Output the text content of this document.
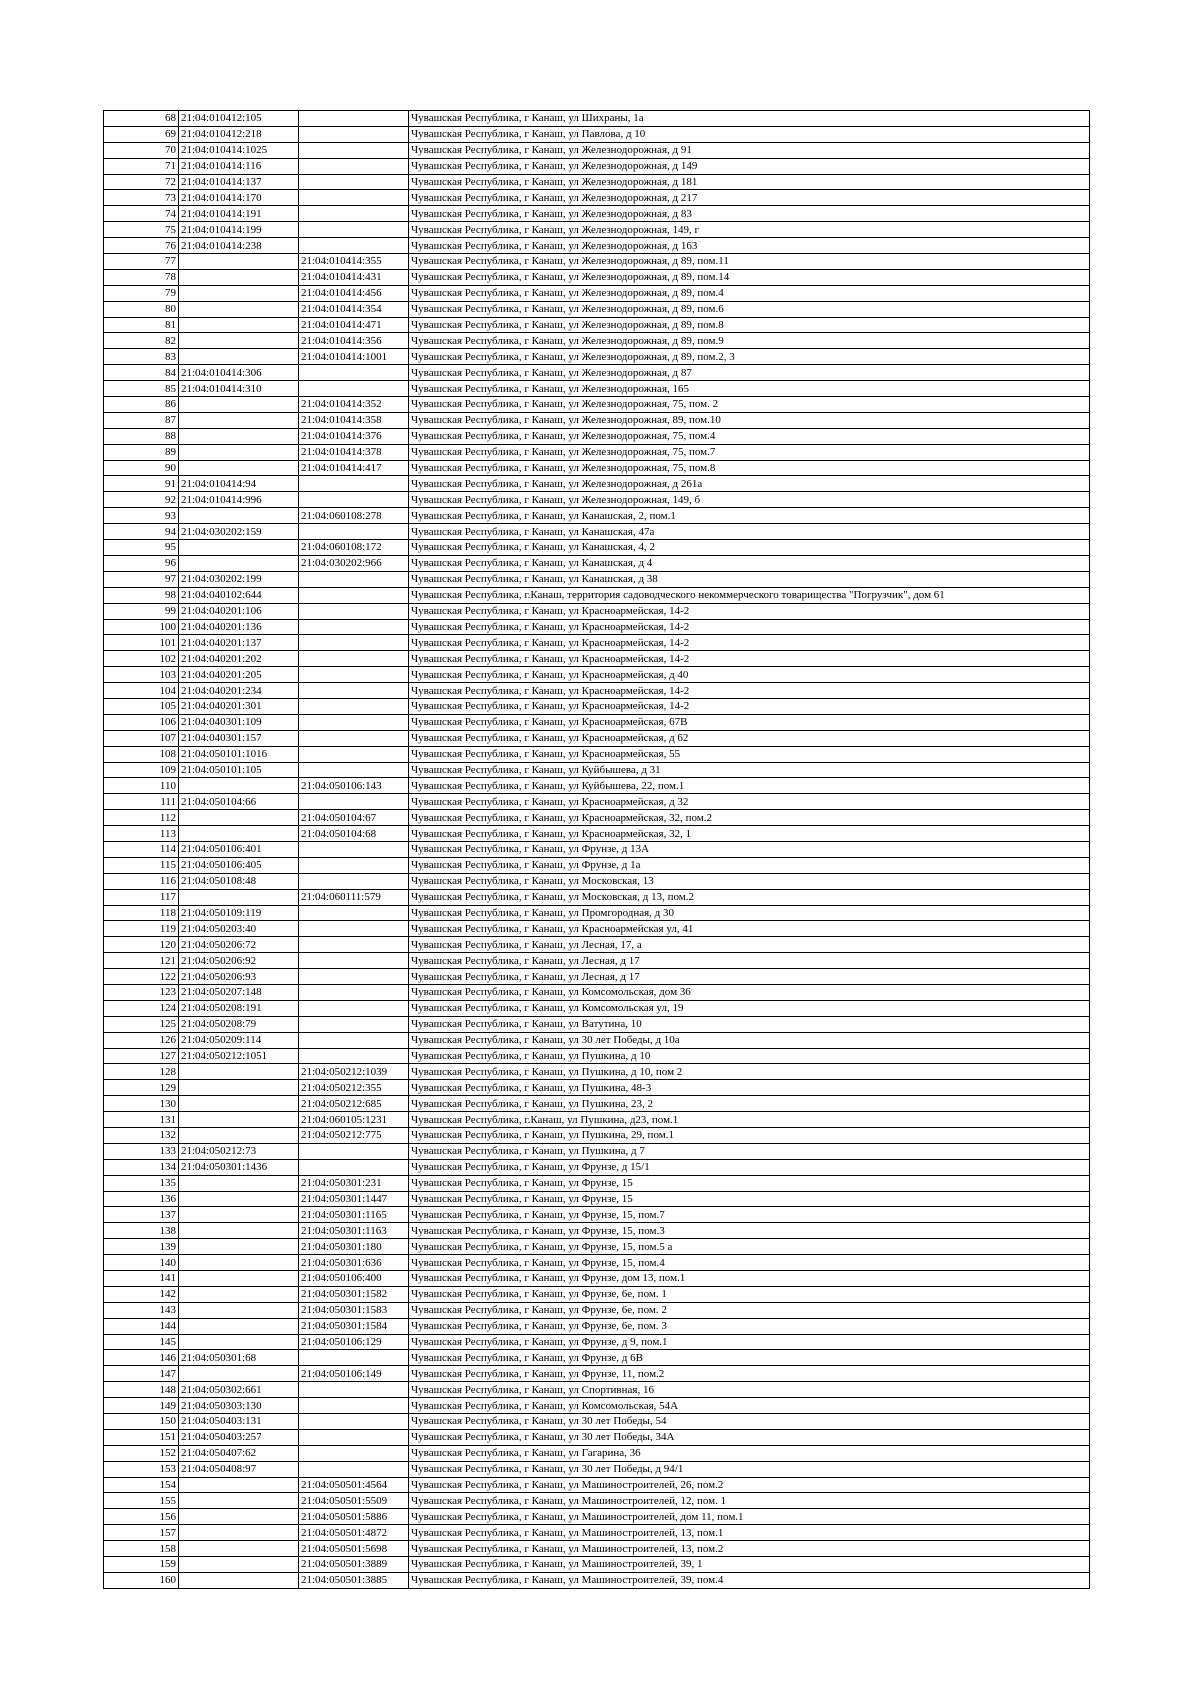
68	21:04:010412:105		Чувашская Республика, г Канаш, ул Шихраны, 1а
69	21:04:010412:218		Чувашская Республика, г Канаш, ул Павлова, д 10
70	21:04:010414:1025		Чувашская Республика, г Канаш, ул Железнодорожная, д 91
71	21:04:010414:116		Чувашская Республика, г Канаш, ул Железнодорожная, д 149
72	21:04:010414:137		Чувашская Республика, г Канаш, ул Железнодорожная, д 181
73	21:04:010414:170		Чувашская Республика, г Канаш, ул Железнодорожная, д 217
74	21:04:010414:191		Чувашская Республика, г Канаш, ул Железнодорожная, д 83
75	21:04:010414:199		Чувашская Республика, г Канаш, ул Железнодорожная, 149, г
76	21:04:010414:238		Чувашская Республика, г Канаш, ул Железнодорожная, д 163
77		21:04:010414:355	Чувашская Республика, г Канаш, ул Железнодорожная, д 89, пом.11
78		21:04:010414:431	Чувашская Республика, г Канаш, ул Железнодорожная, д 89, пом.14
79		21:04:010414:456	Чувашская Республика, г Канаш, ул Железнодорожная, д 89, пом.4
80		21:04:010414:354	Чувашская Республика, г Канаш, ул Железнодорожная, д 89, пом.6
81		21:04:010414:471	Чувашская Республика, г Канаш, ул Железнодорожная, д 89, пом.8
82		21:04:010414:356	Чувашская Республика, г Канаш, ул Железнодорожная, д 89, пом.9
83		21:04:010414:1001	Чувашская Республика, г Канаш, ул Железнодорожная, д 89, пом.2, 3
84	21:04:010414:306		Чувашская Республика, г Канаш, ул Железнодорожная, д 87
85	21:04:010414:310		Чувашская Республика, г Канаш, ул Железнодорожная, 165
86		21:04:010414:352	Чувашская Республика, г Канаш, ул Железнодорожная, 75, пом. 2
87		21:04:010414:358	Чувашская Республика, г Канаш, ул Железнодорожная, 89, пом.10
88		21:04:010414:376	Чувашская Республика, г Канаш, ул Железнодорожная, 75, пом.4
89		21:04:010414:378	Чувашская Республика, г Канаш, ул Железнодорожная, 75, пом.7
90		21:04:010414:417	Чувашская Республика, г Канаш, ул Железнодорожная, 75, пом.8
91	21:04:010414:94		Чувашская Республика, г Канаш, ул Железнодорожная, д 261а
92	21:04:010414:996		Чувашская Республика, г Канаш, ул Железнодорожная, 149, б
93		21:04:060108:278	Чувашская Республика, г Канаш, ул Канашская, 2, пом.1
94	21:04:030202:159		Чувашская Республика, г Канаш, ул Канашская, 47а
95		21:04:060108:172	Чувашская Республика, г Канаш, ул Канашская, 4, 2
96		21:04:030202:966	Чувашская Республика, г Канаш, ул Канашская, д 4
97	21:04:030202:199		Чувашская Республика, г Канаш, ул Канашская, д 38
98	21:04:040102:644		Чувашская Республика, г.Канаш, территория садоводческого некоммерческого товарищества "Погрузчик", дом 61
99	21:04:040201:106		Чувашская Республика, г Канаш, ул Красноармейская, 14-2
100	21:04:040201:136		Чувашская Республика, г Канаш, ул Красноармейская, 14-2
101	21:04:040201:137		Чувашская Республика, г Канаш, ул Красноармейская, 14-2
102	21:04:040201:202		Чувашская Республика, г Канаш, ул Красноармейская, 14-2
103	21:04:040201:205		Чувашская Республика, г Канаш, ул Красноармейская, д 40
104	21:04:040201:234		Чувашская Республика, г Канаш, ул Красноармейская, 14-2
105	21:04:040201:301		Чувашская Республика, г Канаш, ул Красноармейская, 14-2
106	21:04:040301:109		Чувашская Республика, г Канаш, ул Красноармейская, 67В
107	21:04:040301:157		Чувашская Республика, г Канаш, ул Красноармейская, д 62
108	21:04:050101:1016		Чувашская Республика, г Канаш, ул Красноармейская, 55
109	21:04:050101:105		Чувашская Республика, г Канаш, ул Куйбышева, д 31
110		21:04:050106:143	Чувашская Республика, г Канаш, ул Куйбышева, 22, пом.1
111	21:04:050104:66		Чувашская Республика, г Канаш, ул Красноармейская, д 32
112		21:04:050104:67	Чувашская Республика, г Канаш, ул Красноармейская, 32, пом.2
113		21:04:050104:68	Чувашская Республика, г Канаш, ул Красноармейская, 32, 1
114	21:04:050106:401		Чувашская Республика, г Канаш, ул Фрунзе, д 13А
115	21:04:050106:405		Чувашская Республика, г Канаш, ул Фрунзе, д 1а
116	21:04:050108:48		Чувашская Республика, г Канаш, ул Московская, 13
117		21:04:060111:579	Чувашская Республика, г Канаш, ул Московская, д 13, пом.2
118	21:04:050109:119		Чувашская Республика, г Канаш, ул Промгородная, д 30
119	21:04:050203:40		Чувашская Республика, г Канаш, ул Красноармейская ул, 41
120	21:04:050206:72		Чувашская Республика, г Канаш, ул Лесная, 17, а
121	21:04:050206:92		Чувашская Республика, г Канаш, ул Лесная, д 17
122	21:04:050206:93		Чувашская Республика, г Канаш, ул Лесная, д 17
123	21:04:050207:148		Чувашская Республика, г Канаш, ул Комсомольская, дом 36
124	21:04:050208:191		Чувашская Республика, г Канаш, ул Комсомольская ул, 19
125	21:04:050208:79		Чувашская Республика, г Канаш, ул Ватутина, 10
126	21:04:050209:114		Чувашская Республика, г Канаш, ул 30 лет Победы, д 10а
127	21:04:050212:1051		Чувашская Республика, г Канаш, ул Пушкина, д 10
128		21:04:050212:1039	Чувашская Республика, г Канаш, ул Пушкина, д 10, пом 2
129		21:04:050212:355	Чувашская Республика, г Канаш, ул Пушкина, 48-3
130		21:04:050212:685	Чувашская Республика, г Канаш, ул Пушкина, 23, 2
131		21:04:060105:1231	Чувашская Республика, г.Канаш, ул Пушкина, д23, пом.1
132		21:04:050212:775	Чувашская Республика, г Канаш, ул Пушкина, 29, пом.1
133	21:04:050212:73		Чувашская Республика, г Канаш, ул Пушкина, д 7
134	21:04:050301:1436		Чувашская Республика, г Канаш, ул Фрунзе, д 15/1
135		21:04:050301:231	Чувашская Республика, г Канаш, ул Фрунзе, 15
136		21:04:050301:1447	Чувашская Республика, г Канаш, ул Фрунзе, 15
137		21:04:050301:1165	Чувашская Республика, г Канаш, ул Фрунзе, 15, пом.7
138		21:04:050301:1163	Чувашская Республика, г Канаш, ул Фрунзе, 15, пом.3
139		21:04:050301:180	Чувашская Республика, г Канаш, ул Фрунзе, 15, пом.5 а
140		21:04:050301:636	Чувашская Республика, г Канаш, ул Фрунзе, 15, пом.4
141		21:04:050106:400	Чувашская Республика, г Канаш, ул Фрунзе, дом 13, пом.1
142		21:04:050301:1582	Чувашская Республика, г Канаш, ул Фрунзе, 6е, пом. 1
143		21:04:050301:1583	Чувашская Республика, г Канаш, ул Фрунзе, 6е, пом. 2
144		21:04:050301:1584	Чувашская Республика, г Канаш, ул Фрунзе, 6е, пом. 3
145		21:04:050106:129	Чувашская Республика, г Канаш, ул Фрунзе, д 9, пом.1
146	21:04:050301:68		Чувашская Республика, г Канаш, ул Фрунзе, д 6В
147		21:04:050106:149	Чувашская Республика, г Канаш, ул Фрунзе, 11, пом.2
148	21:04:050302:661		Чувашская Республика, г Канаш, ул Спортивная, 16
149	21:04:050303:130		Чувашская Республика, г Канаш, ул Комсомольская, 54А
150	21:04:050403:131		Чувашская Республика, г Канаш, ул 30 лет Победы, 54
151	21:04:050403:257		Чувашская Республика, г Канаш, ул 30 лет Победы, 34А
152	21:04:050407:62		Чувашская Республика, г Канаш, ул Гагарина, 36
153	21:04:050408:97		Чувашская Республика, г Канаш, ул 30 лет Победы, д 94/1
154		21:04:050501:4564	Чувашская Республика, г Канаш, ул Машиностроителей, 26, пом.2
155		21:04:050501:5509	Чувашская Республика, г Канаш, ул Машиностроителей, 12, пом. 1
156		21:04:050501:5886	Чувашская Республика, г Канаш, ул Машиностроителей, дом 11, пом.1
157		21:04:050501:4872	Чувашская Республика, г Канаш, ул Машиностроителей, 13, пом.1
158		21:04:050501:5698	Чувашская Республика, г Канаш, ул Машиностроителей, 13, пом.2
159		21:04:050501:3889	Чувашская Республика, г Канаш, ул Машиностроителей, 39, 1
160		21:04:050501:3885	Чувашская Республика, г Канаш, ул Машиностроителей, 39, пом.4
